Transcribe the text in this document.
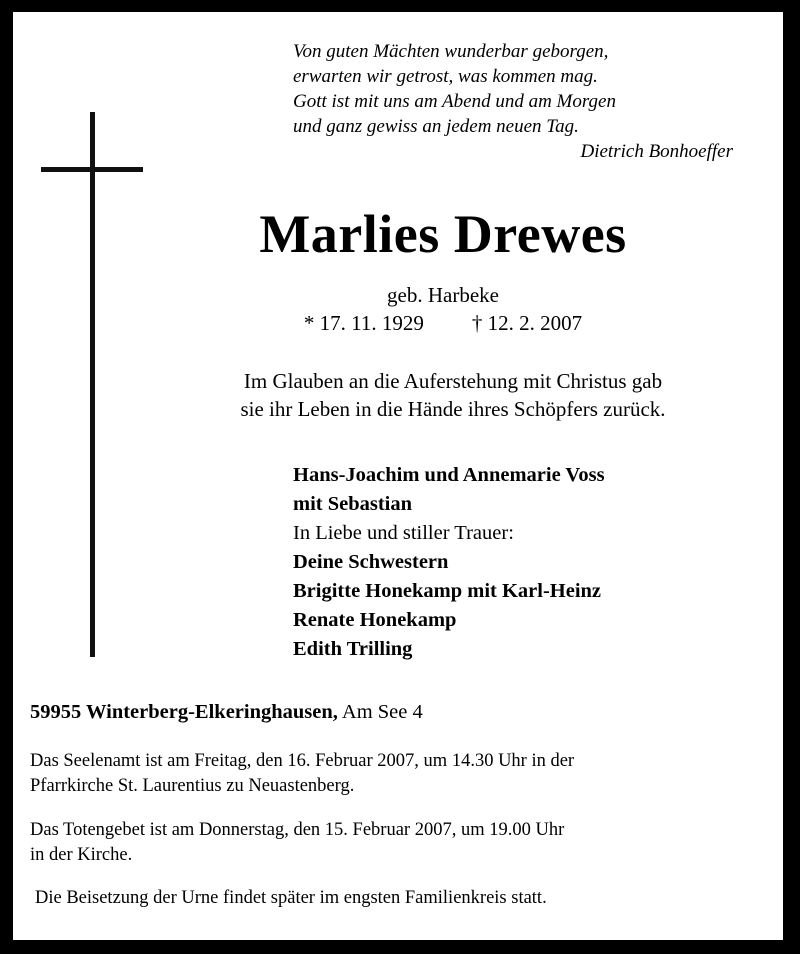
Von guten Mächten wunderbar geborgen,
erwarten wir getrost, was kommen mag.
Gott ist mit uns am Abend und am Morgen
und ganz gewiss an jedem neuen Tag.
Dietrich Bonhoeffer
Marlies Drewes
geb. Harbeke
* 17. 11. 1929 † 12. 2. 2007
Im Glauben an die Auferstehung mit Christus gab
sie ihr Leben in die Hände ihres Schöpfers zurück.
Hans-Joachim und Annemarie Voss
mit Sebastian
In Liebe und stiller Trauer:
Deine Schwestern
Brigitte Honekamp mit Karl-Heinz
Renate Honekamp
Edith Trilling
59955 Winterberg-Elkeringhausen, Am See 4
Das Seelenamt ist am Freitag, den 16. Februar 2007, um 14.30 Uhr in der
Pfarrkirche St. Laurentius zu Neuastenberg.
Das Totengebet ist am Donnerstag, den 15. Februar 2007, um 19.00 Uhr
in der Kirche.
Die Beisetzung der Urne findet später im engsten Familienkreis statt.
